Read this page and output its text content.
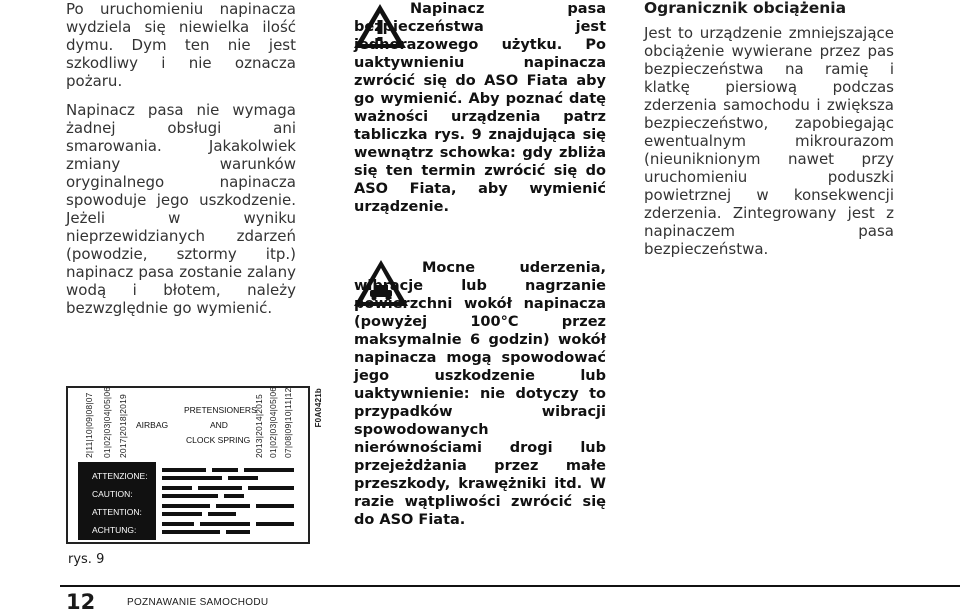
Po uruchomieniu napinacza wydziela się niewielka ilość dymu. Dym ten nie jest szkodliwy i nie oznacza pożaru.

Napinacz pasa nie wymaga żadnej obsługi ani smarowania. Jakakolwiek zmiany warunków oryginalnego napinacza spowoduje jego uszkodzenie. Jeżeli w wyniku nieprzewidzianych zdarzeń (powodzie, sztormy itp.) napinacz pasa zostanie zalany wodą i błotem, należy bezwzględnie go wymienić.

Napinacz pasa bezpieczeństwa jest jednorazowego użytku. Po uaktywnieniu napinacza zwrócić się do ASO Fiata aby go wymienić. Aby poznać datę ważności urządzenia patrz tabliczka rys. 9 znajdująca się wewnątrz schowka: gdy zbliża się ten termin zwrócić się do ASO Fiata, aby wymienić urządzenie.
Ogranicznik obciążenia
Jest to urządzenie zmniejszające obciążenie wywierane przez pas bezpieczeństwa na ramię i klatkę piersiową podczas zderzenia samochodu i zwiększa bezpieczeństwo, zapobiegając ewentualnym mikrourazom (nieuniknionym nawet przy uruchomieniu poduszki powietrznej w konsekwencji zderzenia. Zintegrowany jest z napinaczem pasa bezpieczeństwa.
Mocne uderzenia, wibracje lub nagrzanie powierzchni wokół napinacza (powyżej 100°C przez maksymalnie 6 godzin) wokół napinacza mogą spowodować jego uszkodzenie lub uaktywnienie: nie dotyczy to przypadków wibracji spowodowanych nierównościami drogi lub przejeżdżania przez małe przeszkody, krawężniki itd. W razie wątpliwości zwrócić się do ASO Fiata.
2|11|10|09|08|07 01|02|03|04|05|06 2017|2018|2019 AIRBAG
PRETENSIONERS
AND
CLOCK SPRING 2013|2014|2015 01|02|03|04|05|06 07|08|09|10|11|12
ATTENZIONE:
CAUTION:
ATTENTION:
ACHTUNG:
F0A0421b
rys. 9
12	POZNAWANIE SAMOCHODU
